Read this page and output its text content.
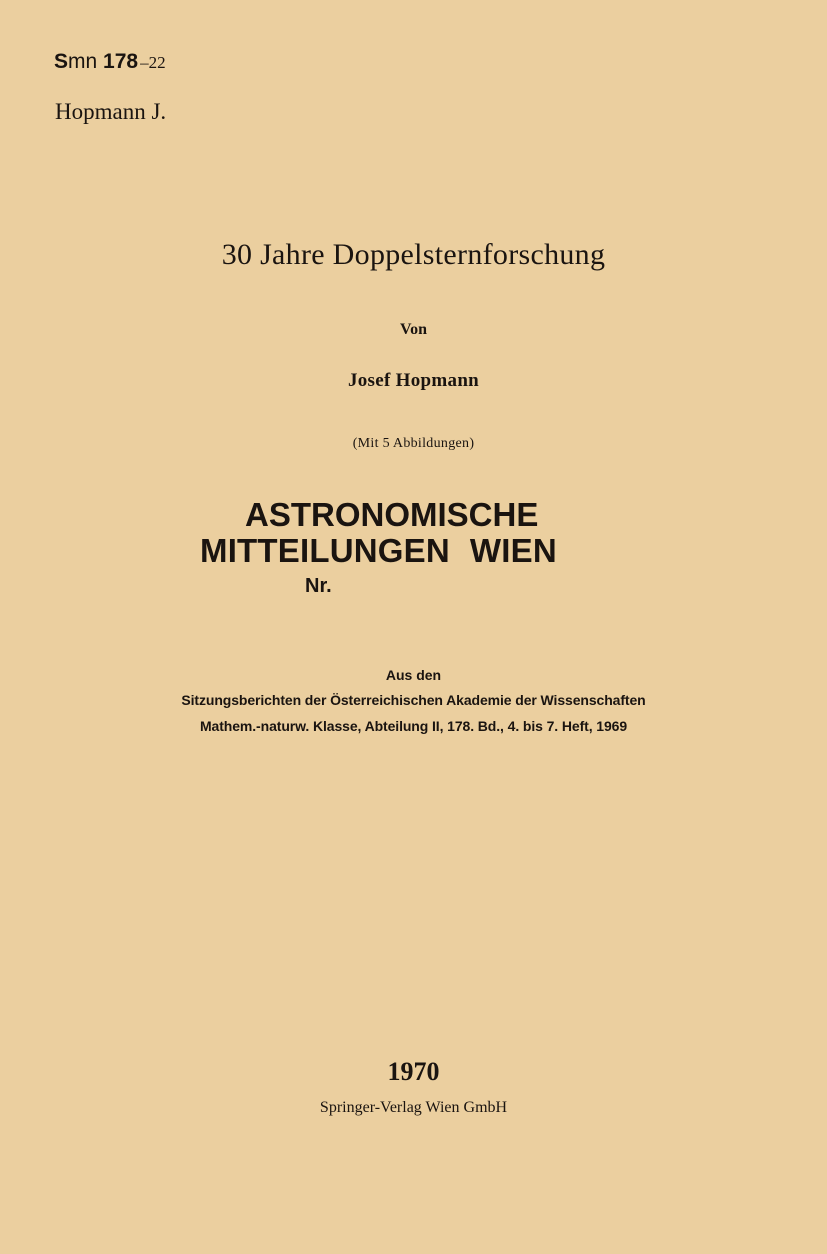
Smn 178 –22
Hopmann J.
30 Jahre Doppelsternforschung
Von
Josef Hopmann
(Mit 5 Abbildungen)
ASTRONOMISCHE
MITTEILUNGEN WIEN
Nr.
Aus den
Sitzungsberichten der Österreichischen Akademie der Wissenschaften
Mathem.-naturw. Klasse, Abteilung II, 178. Bd., 4. bis 7. Heft, 1969
1970
Springer-Verlag Wien GmbH
